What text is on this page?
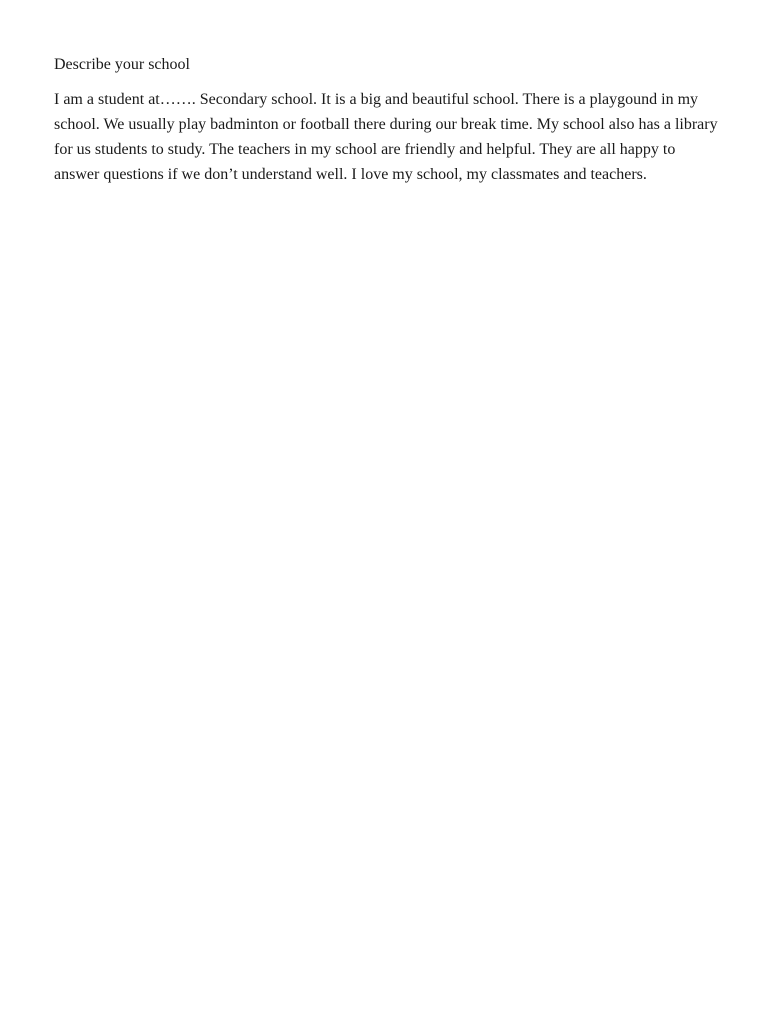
Describe your school

I am a student at……. Secondary school. It is a big and beautiful school. There is a playgound in my school. We usually play badminton or football there during our break time. My school also has a library for us students to study. The teachers in my school are friendly and helpful. They are all happy to answer questions if we don’t understand well. I love my school, my classmates and teachers.
